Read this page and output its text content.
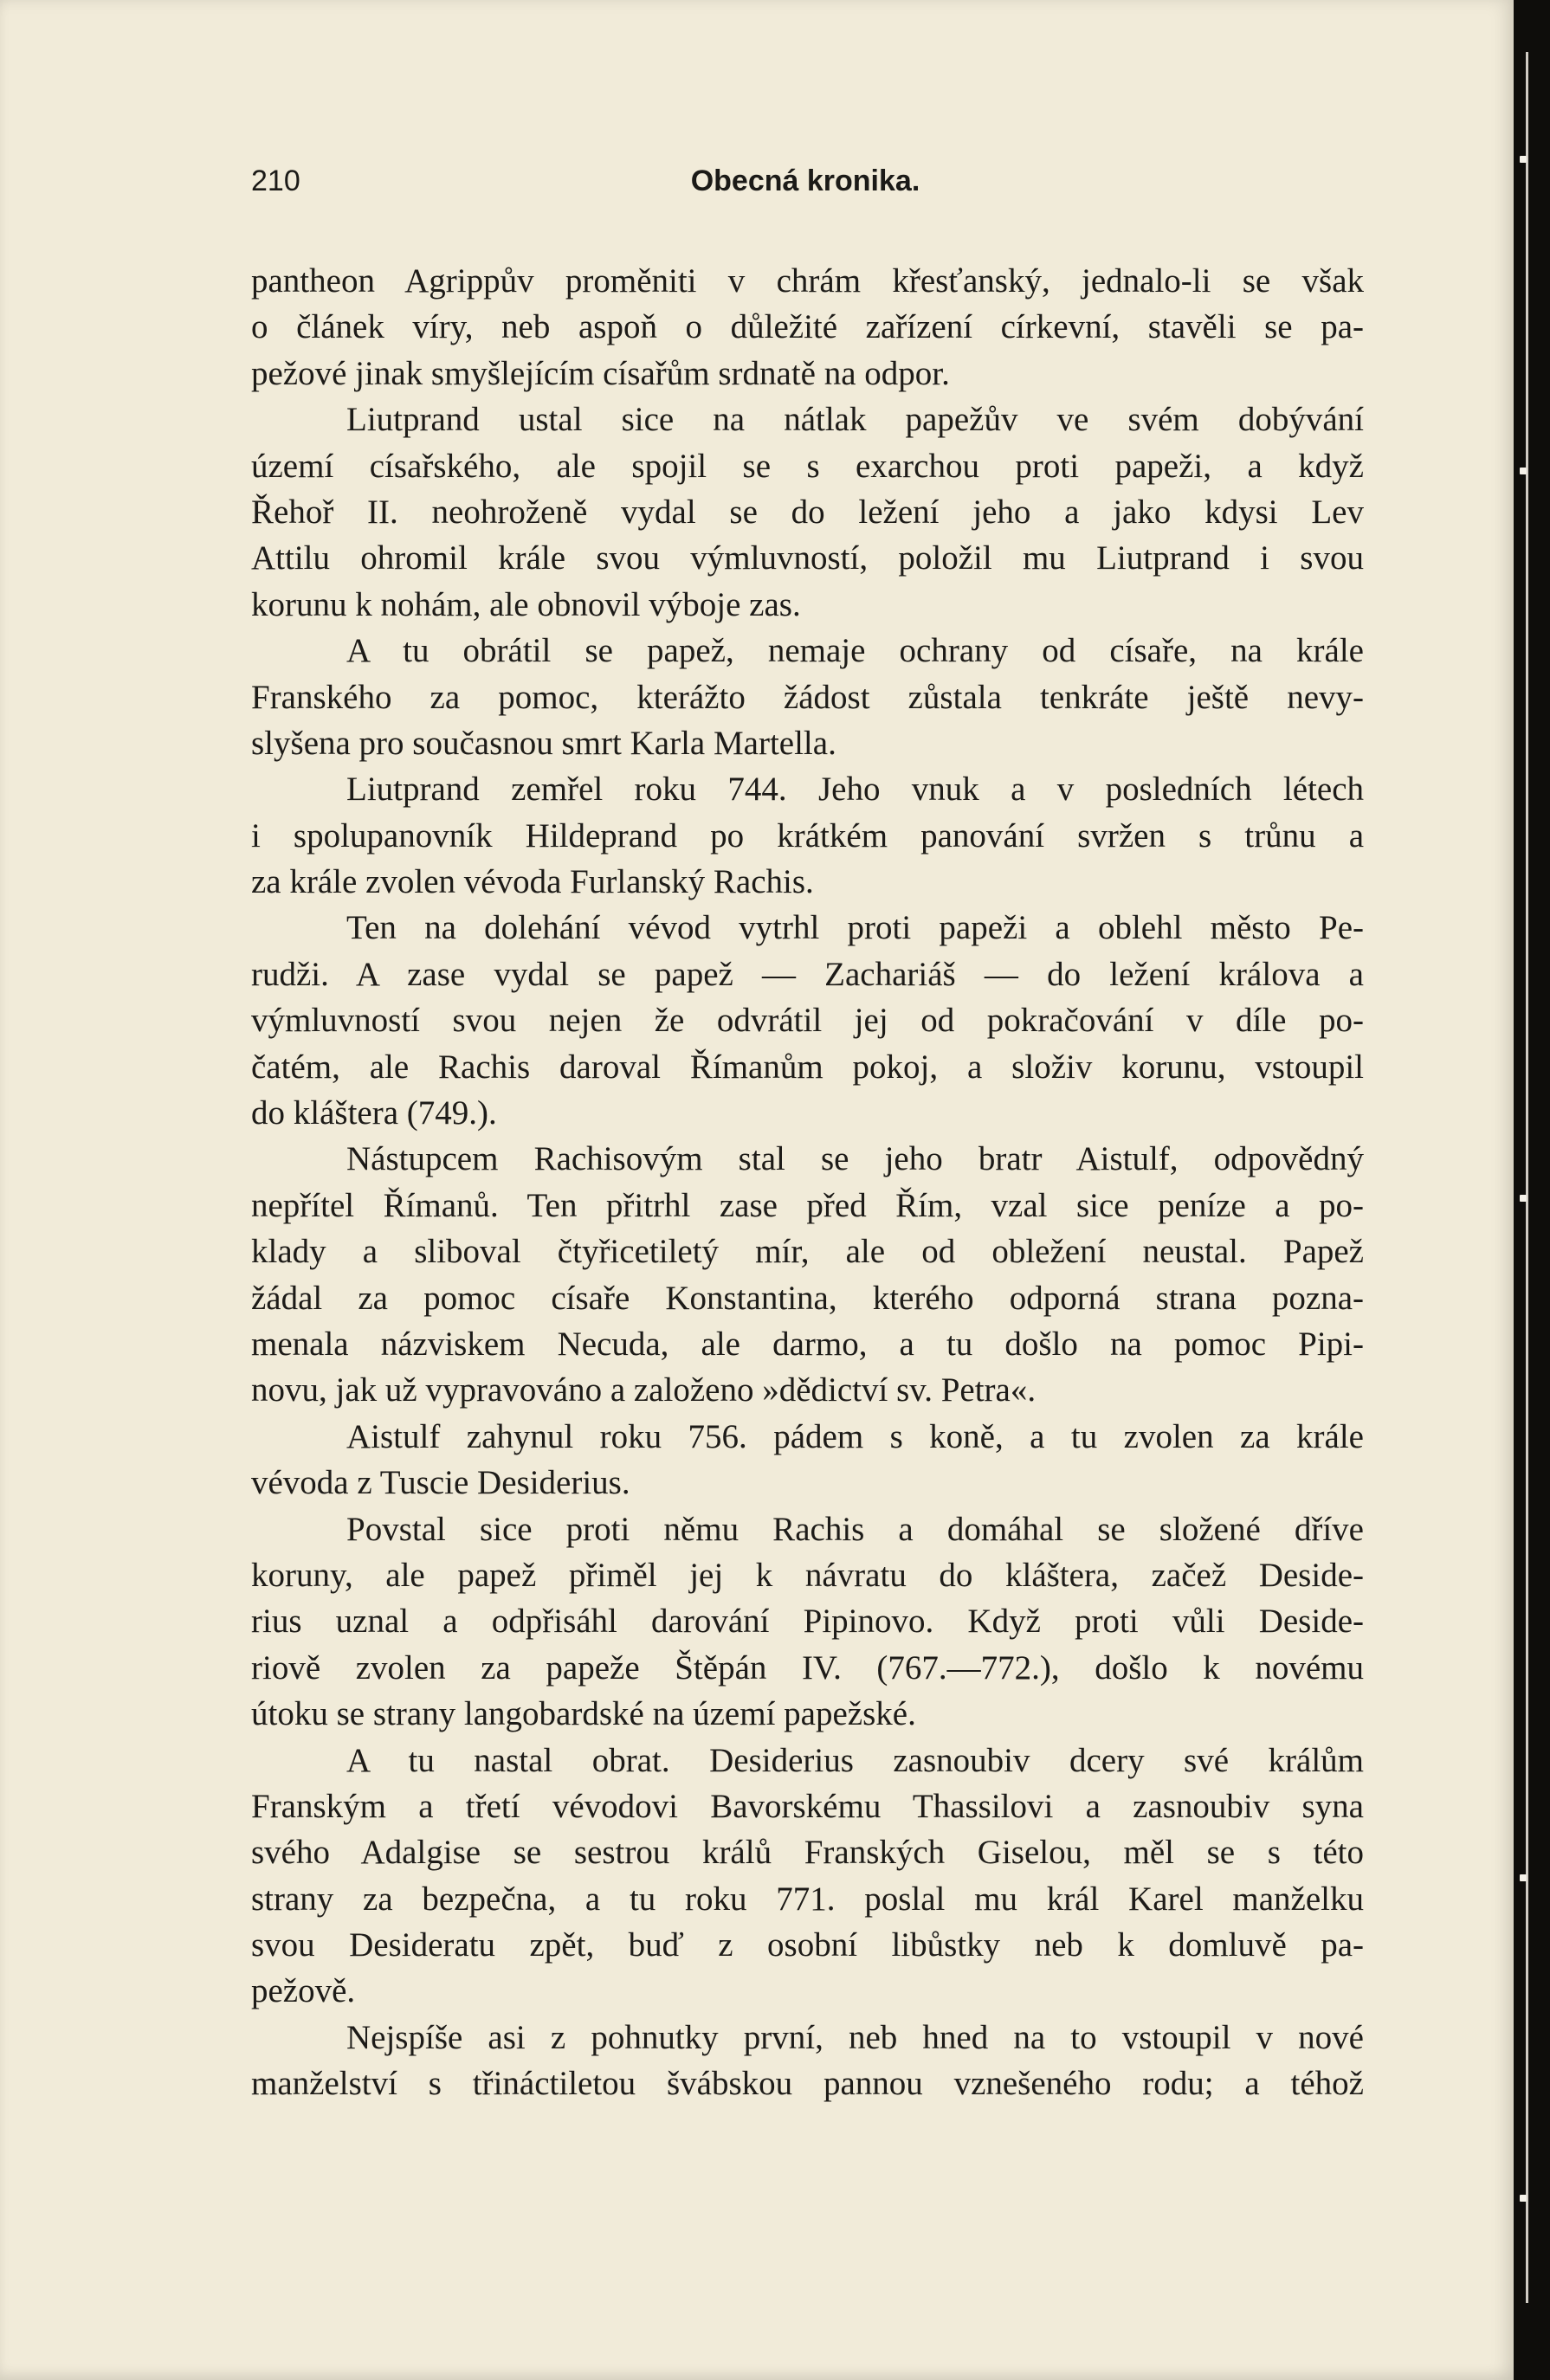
210	Obecná kronika.
pantheon Agrippův proměniti v chrám křesťanský, jednalo-li se však
o článek víry, neb aspoň o důležité zařízení církevní, stavěli se pa-
pežové jinak smyšlejícím císařům srdnatě na odpor.
Liutprand ustal sice na nátlak papežův ve svém dobývání
území císařského, ale spojil se s exarchou proti papeži, a když
Řehoř II. neohroženě vydal se do ležení jeho a jako kdysi Lev
Attilu ohromil krále svou výmluvností, položil mu Liutprand i svou
korunu k nohám, ale obnovil výboje zas.
A tu obrátil se papež, nemaje ochrany od císaře, na krále
Franského za pomoc, kterážto žádost zůstala tenkráte ještě nevy-
slyšena pro současnou smrt Karla Martella.
Liutprand zemřel roku 744. Jeho vnuk a v posledních létech
i spolupanovník Hildeprand po krátkém panování svržen s trůnu a
za krále zvolen vévoda Furlanský Rachis.
Ten na dolehání vévod vytrhl proti papeži a oblehl město Pe-
rudži. A zase vydal se papež — Zachariáš — do ležení králova a
výmluvností svou nejen že odvrátil jej od pokračování v díle po-
čatém, ale Rachis daroval Římanům pokoj, a složiv korunu, vstoupil
do kláštera (749.).
Nástupcem Rachisovým stal se jeho bratr Aistulf, odpovědný
nepřítel Římanů. Ten přitrhl zase před Řím, vzal sice peníze a po-
klady a sliboval čtyřicetiletý mír, ale od obležení neustal. Papež
žádal za pomoc císaře Konstantina, kterého odporná strana pozna-
menala názviskem Necuda, ale darmo, a tu došlo na pomoc Pipi-
novu, jak už vypravováno a založeno »dědictví sv. Petra«.
Aistulf zahynul roku 756. pádem s koně, a tu zvolen za krále
vévoda z Tuscie Desiderius.
Povstal sice proti němu Rachis a domáhal se složené dříve
koruny, ale papež přiměl jej k návratu do kláštera, začež Deside-
rius uznal a odpřisáhl darování Pipinovo. Když proti vůli Deside-
riově zvolen za papeže Štěpán IV. (767.—772.), došlo k novému
útoku se strany langobardské na území papežské.
A tu nastal obrat. Desiderius zasnoubiv dcery své králům
Franským a třetí vévodovi Bavorskému Thassilovi a zasnoubiv syna
svého Adalgise se sestrou králů Franských Giselou, měl se s této
strany za bezpečna, a tu roku 771. poslal mu král Karel manželku
svou Desideratu zpět, buď z osobní libůstky neb k domluvě pa-
pežově.
Nejspíše asi z pohnutky první, neb hned na to vstoupil v nové
manželství s třináctiletou švábskou pannou vznešeného rodu; a téhož
